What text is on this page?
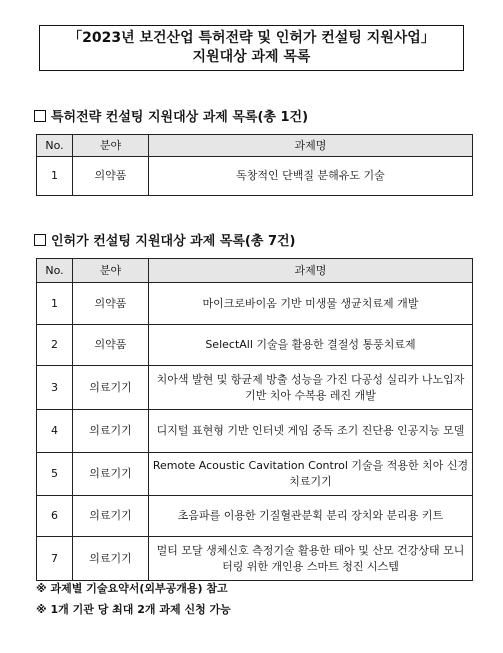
「2023년 보건산업 특허전략 및 인허가 컨설팅 지원사업」
지원대상 과제 목록
특허전략 컨설팅 지원대상 과제 목록(총 1건)
No.	분야	과제명
1	의약품	독창적인 단백질 분해유도 기술
인허가 컨설팅 지원대상 과제 목록(총 7건)
No.	분야	과제명
1	의약품	마이크로바이옴 기반 미생물 생균치료제 개발
2	의약품	SelectAll 기술을 활용한 결절성 통풍치료제
3	의료기기	치아색 발현 및 항균제 방출 성능을 가진 다공성 실리카 나노입자 기반 치아 수복용 레진 개발
4	의료기기	디지털 표현형 기반 인터넷 게임 중독 조기 진단용 인공지능 모델
5	의료기기	Remote Acoustic Cavitation Control 기술을 적용한 치아 신경치료기기
6	의료기기	초음파를 이용한 기질혈관분획 분리 장치와 분리용 키트
7	의료기기	멀티 모달 생체신호 측정기술 활용한 태아 및 산모 건강상태 모니터링 위한 개인용 스마트 청진 시스템
※ 과제별 기술요약서(외부공개용) 참고
※ 1개 기관 당 최대 2개 과제 신청 가능
